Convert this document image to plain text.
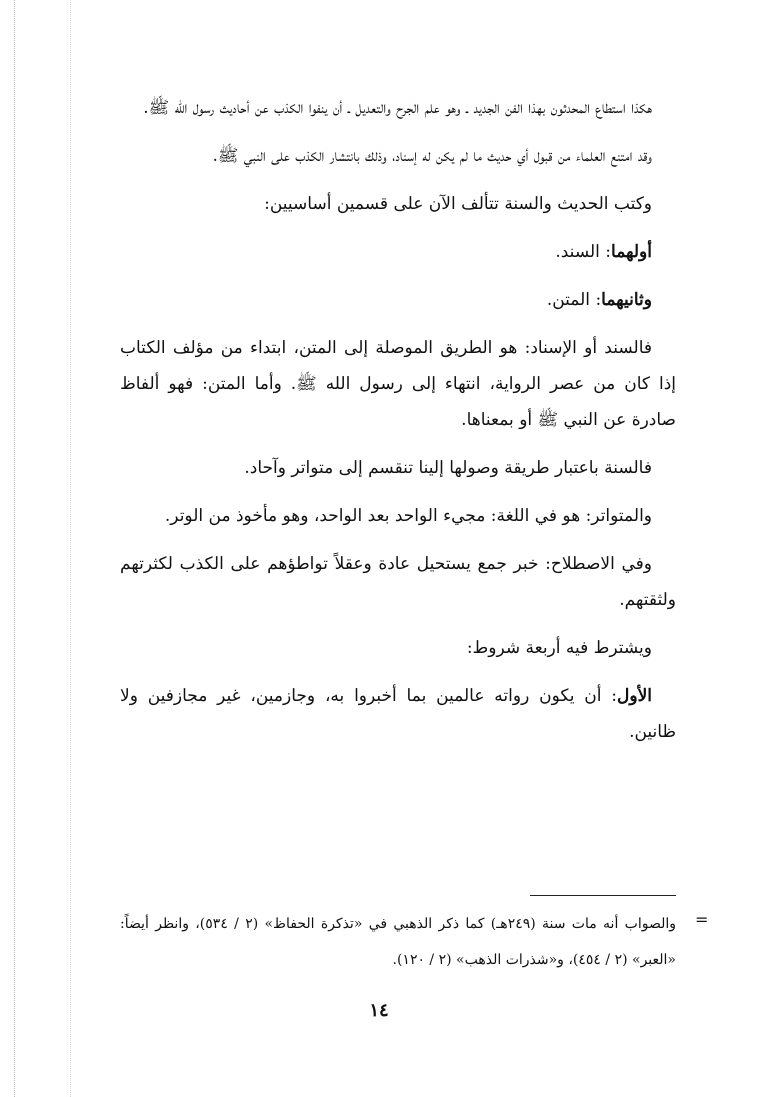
هكذا استطاع المحدثون بهذا الفن الجديد ـ وهو علم الجرح والتعديل ـ أن ينفوا الكذب عن أحاديث رسول الله ﷺ.

وقد امتنع العلماء من قبول أي حديث ما لم يكن له إسناد، وذلك بانتشار الكذب على النبي ﷺ.

وكتب الحديث والسنة تتألف الآن على قسمين أساسيين:

أولهما: السند.

وثانيهما: المتن.

فالسند أو الإسناد: هو الطريق الموصلة إلى المتن، ابتداء من مؤلف الكتاب إذا كان من عصر الرواية، انتهاء إلى رسول الله ﷺ. وأما المتن: فهو ألفاظ صادرة عن النبي ﷺ أو بمعناها.

فالسنة باعتبار طريقة وصولها إلينا تنقسم إلى متواتر وآحاد.

والمتواتر: هو في اللغة: مجيء الواحد بعد الواحد، وهو مأخوذ من الوتر.

وفي الاصطلاح: خبر جمع يستحيل عادة وعقلاً تواطؤهم على الكذب لكثرتهم ولثقتهم.

ويشترط فيه أربعة شروط:

الأول: أن يكون رواته عالمين بما أخبروا به، وجازمين، غير مجازفين ولا ظانين.

=
والصواب أنه مات سنة (٢٤٩هـ) كما ذكر الذهبي في «تذكرة الحفاظ» (٢ / ٥٣٤)، وانظر أيضاً: «العبر» (٢ / ٤٥٤)، و«شذرات الذهب» (٢ / ١٢٠).
١٤
